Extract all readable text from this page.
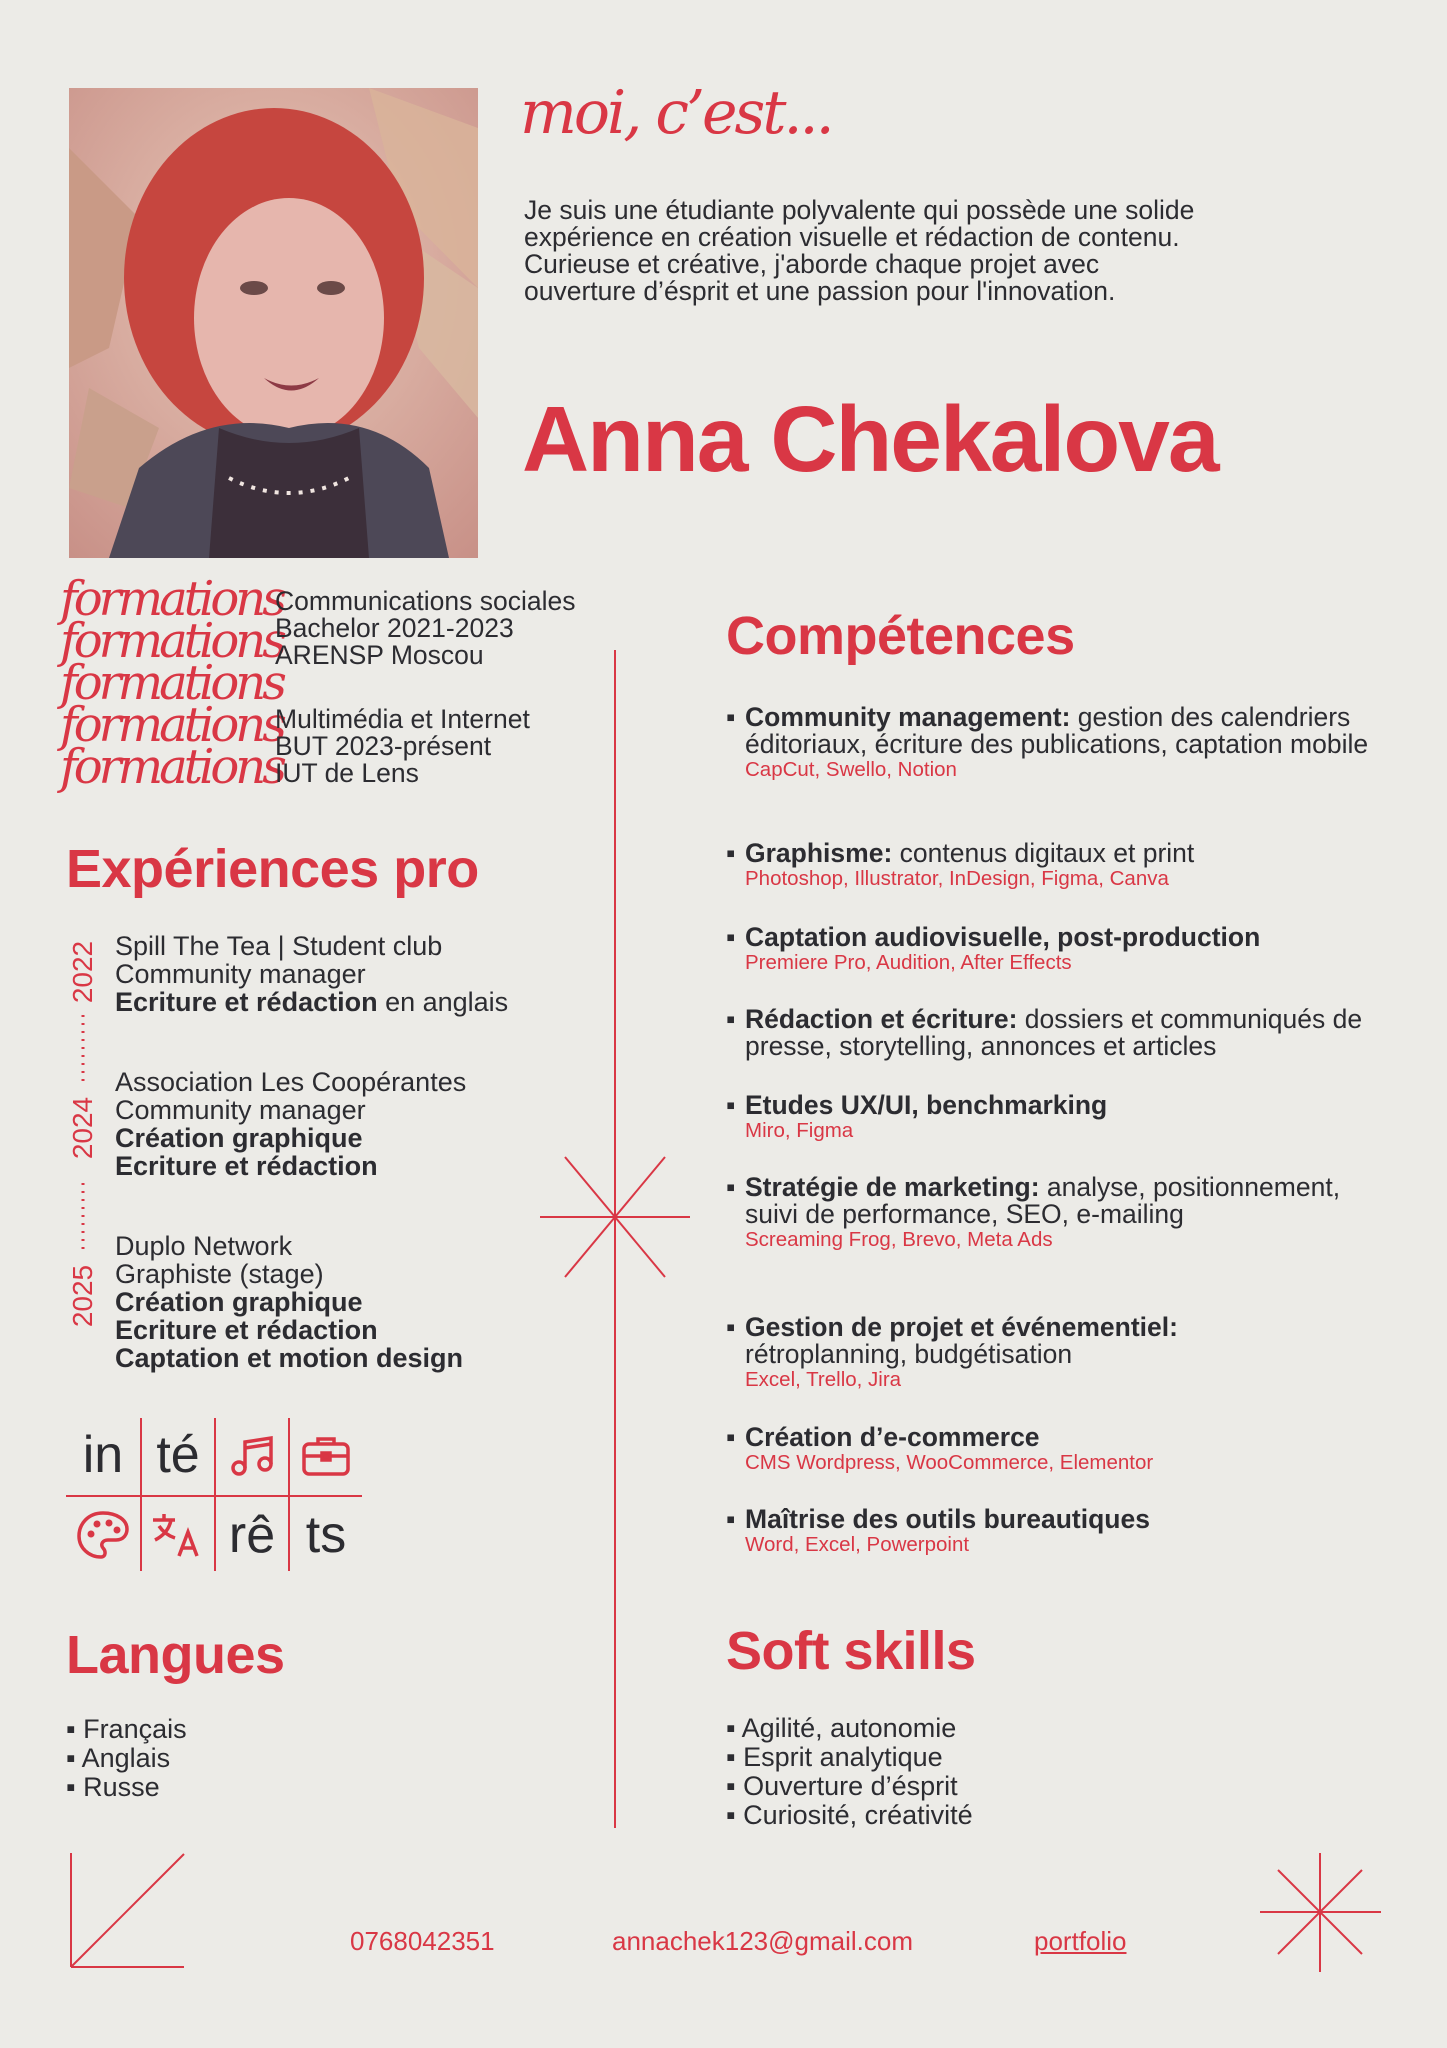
moi, c’est...
Je suis une étudiante polyvalente qui possède une solide
expérience en création visuelle et rédaction de contenu.
Curieuse et créative, j'aborde chaque projet avec
ouverture d’ésprit et une passion pour l'innovation.
Anna Chekalova
formations
formations
formations
formations
formations
Communications sociales
Bachelor 2021-2023
ARENSP Moscou
Multimédia et Internet
BUT 2023-présent
IUT de Lens
Expériences pro
2022
2024
2025
Spill The Tea | Student club
Community manager
Ecriture et rédaction en anglais
Association Les Coopérantes
Community manager
Création graphique
Ecriture et rédaction
Duplo Network
Graphiste (stage)
Création graphique
Ecriture et rédaction
Captation et motion design
in té
rê ts
Langues
▪ Français
▪ Anglais
▪ Russe
Compétences
▪ Community management: gestion des calendriers éditoriaux, écriture des publications, captation mobile
CapCut, Swello, Notion
▪ Graphisme: contenus digitaux et print
Photoshop, Illustrator, InDesign, Figma, Canva
▪ Captation audiovisuelle, post-production
Premiere Pro, Audition, After Effects
▪ Rédaction et écriture: dossiers et communiqués de presse, storytelling, annonces et articles
▪ Etudes UX/UI, benchmarking
Miro, Figma
▪ Stratégie de marketing: analyse, positionnement, suivi de performance, SEO, e-mailing
Screaming Frog, Brevo, Meta Ads
▪ Gestion de projet et événementiel: rétroplanning, budgétisation
Excel, Trello, Jira
▪ Création d’e-commerce
CMS Wordpress, WooCommerce, Elementor
▪ Maîtrise des outils bureautiques
Word, Excel, Powerpoint
Soft skills
▪ Agilité, autonomie
▪ Esprit analytique
▪ Ouverture d’ésprit
▪ Curiosité, créativité
0768042351	annachek123@gmail.com	portfolio
